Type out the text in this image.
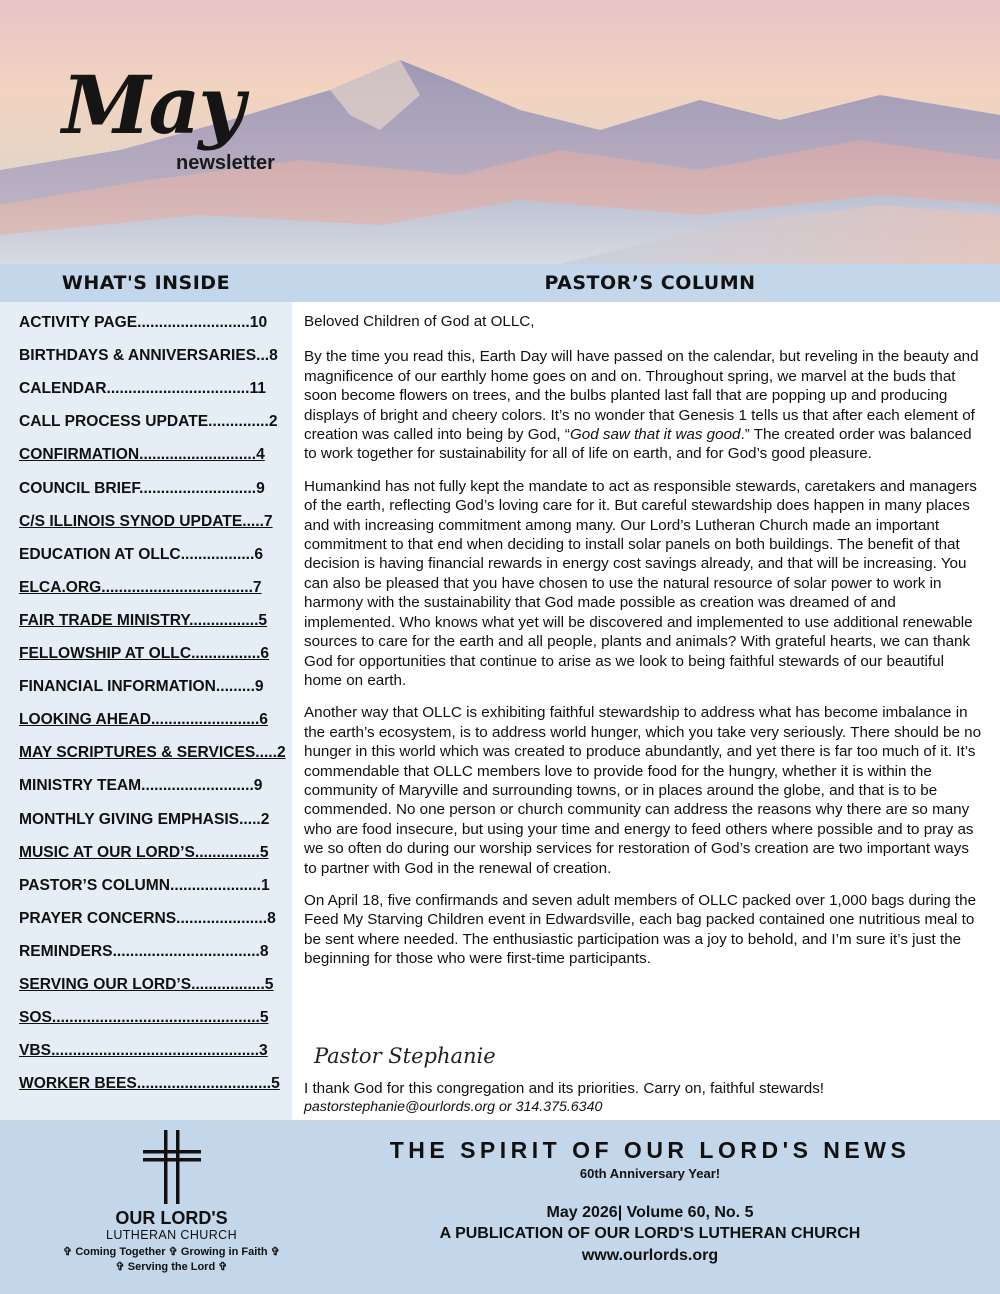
May
newsletter
WHAT'S INSIDE	PASTOR’S COLUMN
ACTIVITY PAGE..........................10
BIRTHDAYS & ANNIVERSARIES...8
CALENDAR.................................11
CALL PROCESS UPDATE..............2
CONFIRMATION...........................4
COUNCIL BRIEF...........................9
C/S ILLINOIS SYNOD UPDATE.....7
EDUCATION AT OLLC.................6
ELCA.ORG...................................7
FAIR TRADE MINISTRY................5
FELLOWSHIP AT OLLC................6
FINANCIAL INFORMATION.........9
LOOKING AHEAD.........................6
MAY SCRIPTURES & SERVICES.....2
MINISTRY TEAM..........................9
MONTHLY GIVING EMPHASIS.....2
MUSIC AT OUR LORD’S...............5
PASTOR’S COLUMN.....................1
PRAYER CONCERNS.....................8
REMINDERS..................................8
SERVING OUR LORD’S.................5
SOS................................................5
VBS................................................3
WORKER BEES...............................5

Beloved Children of God at OLLC,

By the time you read this, Earth Day will have passed on the calendar, but reveling in the beauty and magnificence of our earthly home goes on and on. Throughout spring, we marvel at the buds that soon become flowers on trees, and the bulbs planted last fall that are popping up and producing displays of bright and cheery colors. It’s no wonder that Genesis 1 tells us that after each element of creation was called into being by God, “God saw that it was good.” The created order was balanced to work together for sustainability for all of life on earth, and for God’s good pleasure.

Humankind has not fully kept the mandate to act as responsible stewards, caretakers and managers of the earth, reflecting God’s loving care for it. But careful stewardship does happen in many places and with increasing commitment among many. Our Lord’s Lutheran Church made an important commitment to that end when deciding to install solar panels on both buildings. The benefit of that decision is having financial rewards in energy cost savings already, and that will be increasing. You can also be pleased that you have chosen to use the natural resource of solar power to work in harmony with the sustainability that God made possible as creation was dreamed of and implemented. Who knows what yet will be discovered and implemented to use additional renewable sources to care for the earth and all people, plants and animals? With grateful hearts, we can thank God for opportunities that continue to arise as we look to being faithful stewards of our beautiful home on earth.

Another way that OLLC is exhibiting faithful stewardship to address what has become imbalance in the earth’s ecosystem, is to address world hunger, which you take very seriously. There should be no hunger in this world which was created to produce abundantly, and yet there is far too much of it. It’s commendable that OLLC members love to provide food for the hungry, whether it is within the community of Maryville and surrounding towns, or in places around the globe, and that is to be commended. No one person or church community can address the reasons why there are so many who are food insecure, but using your time and energy to feed others where possible and to pray as we so often do during our worship services for restoration of God’s creation are two important ways to partner with God in the renewal of creation.

On April 18, five confirmands and seven adult members of OLLC packed over 1,000 bags during the Feed My Starving Children event in Edwardsville, each bag packed contained one nutritious meal to be sent where needed. The enthusiastic participation was a joy to behold, and I’m sure it’s just the beginning for those who were first-time participants.

Pastor Stephanie
I thank God for this congregation and its priorities. Carry on, faithful stewards!
pastorstephanie@ourlords.org or 314.375.6340
OUR LORD'S
LUTHERAN CHURCH
✞ Coming Together ✞ Growing in Faith ✞
✞ Serving the Lord ✞
THE SPIRIT OF OUR LORD'S NEWS
60th Anniversary Year!
May 2026| Volume 60, No. 5
A PUBLICATION OF OUR LORD'S LUTHERAN CHURCH
www.ourlords.org
